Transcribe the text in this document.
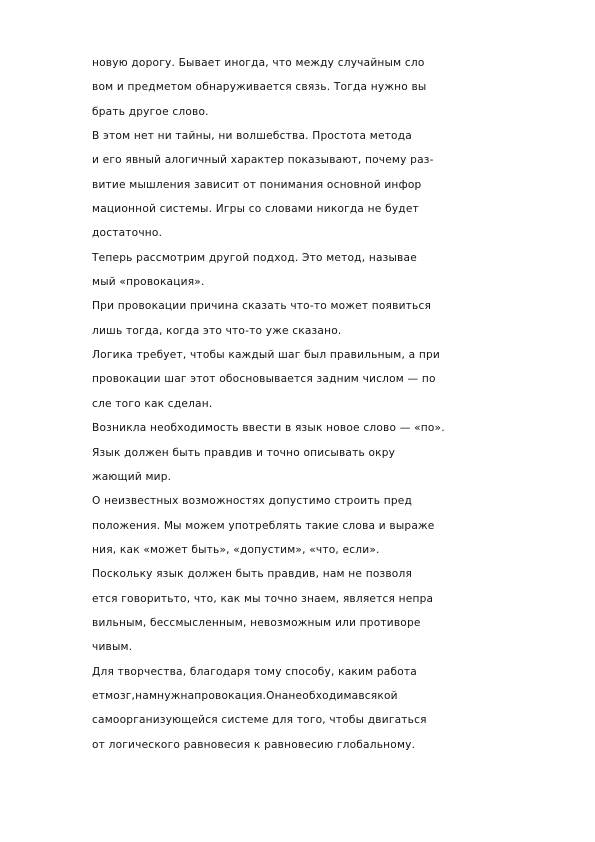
новую дорогу. Бывает иногда, что между случайным сло
вом и предметом обнаруживается связь. Тогда нужно вы
брать другое слово.
В этом нет ни тайны, ни волшебства. Простота метода
и его явный алогичный характер показывают, почему раз-
витие мышления зависит от понимания основной инфор
мационной системы. Игры со словами никогда не будет
достаточно.
Теперь рассмотрим другой подход. Это метод, называе
мый «провокация».
При провокации причина сказать что-то может появиться
лишь тогда, когда это что-то уже сказано.
Логика требует, чтобы каждый шаг был правильным, а при
провокации шаг этот обосновывается задним числом — по
сле того как сделан.
Возникла необходимость ввести в язык новое слово — «по».
Язык должен быть правдив и точно описывать окру
жающий мир.
О неизвестных возможностях допустимо строить пред
положения. Мы можем употреблять такие слова и выраже
ния, как «может быть», «допустим», «что, если».
Поскольку язык должен быть правдив, нам не позволя
ется говоритьто, что, как мы точно знаем, является непра
вильным, бессмысленным, невозможным или противоре
чивым.
Для творчества, благодаря тому способу, каким работа
етмозг,намнужнапровокация.Онанеобходимавсякой
самоорганизующейся системе для того, чтобы двигаться
от логического равновесия к равновесию глобальному.
